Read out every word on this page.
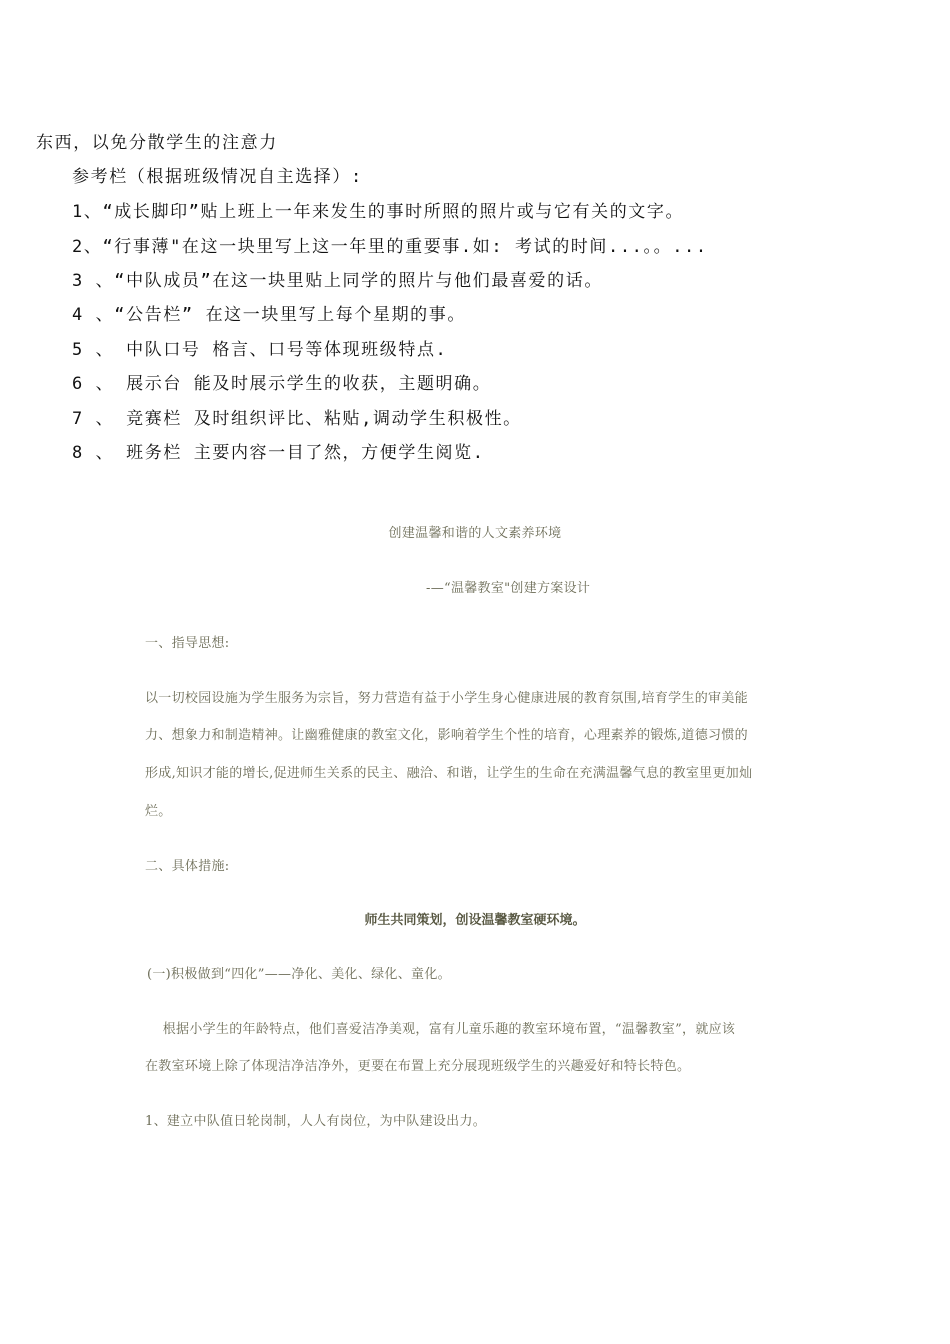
东西，以免分散学生的注意力
参考栏（根据班级情况自主选择）:
1、“成长脚印”贴上班上一年来发生的事时所照的照片或与它有关的文字。
2、“行事薄"在这一块里写上这一年里的重要事.如: 考试的时间...。。...
3 、“中队成员”在这一块里贴上同学的照片与他们最喜爱的话。
4 、“公告栏” 在这一块里写上每个星期的事。
5 、 中队口号 格言、口号等体现班级特点.
6 、 展示台 能及时展示学生的收获，主题明确。
7 、 竞赛栏 及时组织评比、粘贴,调动学生积极性。
8 、 班务栏 主要内容一目了然，方便学生阅览.
创建温馨和谐的人文素养环境
-—“温馨教室"创建方案设计
一、指导思想:
以一切校园设施为学生服务为宗旨，努力营造有益于小学生身心健康进展的教育氛围,培育学生的审美能
力、想象力和制造精神。让幽雅健康的教室文化，影响着学生个性的培育，心理素养的锻炼,道德习惯的
形成,知识才能的增长,促进师生关系的民主、融洽、和谐，让学生的生命在充满温馨气息的教室里更加灿
烂。
二、具体措施:
师生共同策划，创设温馨教室硬环境。
(一)积极做到“四化”——净化、美化、绿化、童化。
根据小学生的年龄特点，他们喜爱洁净美观，富有儿童乐趣的教室环境布置，“温馨教室”，就应该
在教室环境上除了体现洁净洁净外，更要在布置上充分展现班级学生的兴趣爱好和特长特色。
1、建立中队值日轮岗制，人人有岗位，为中队建设出力。
